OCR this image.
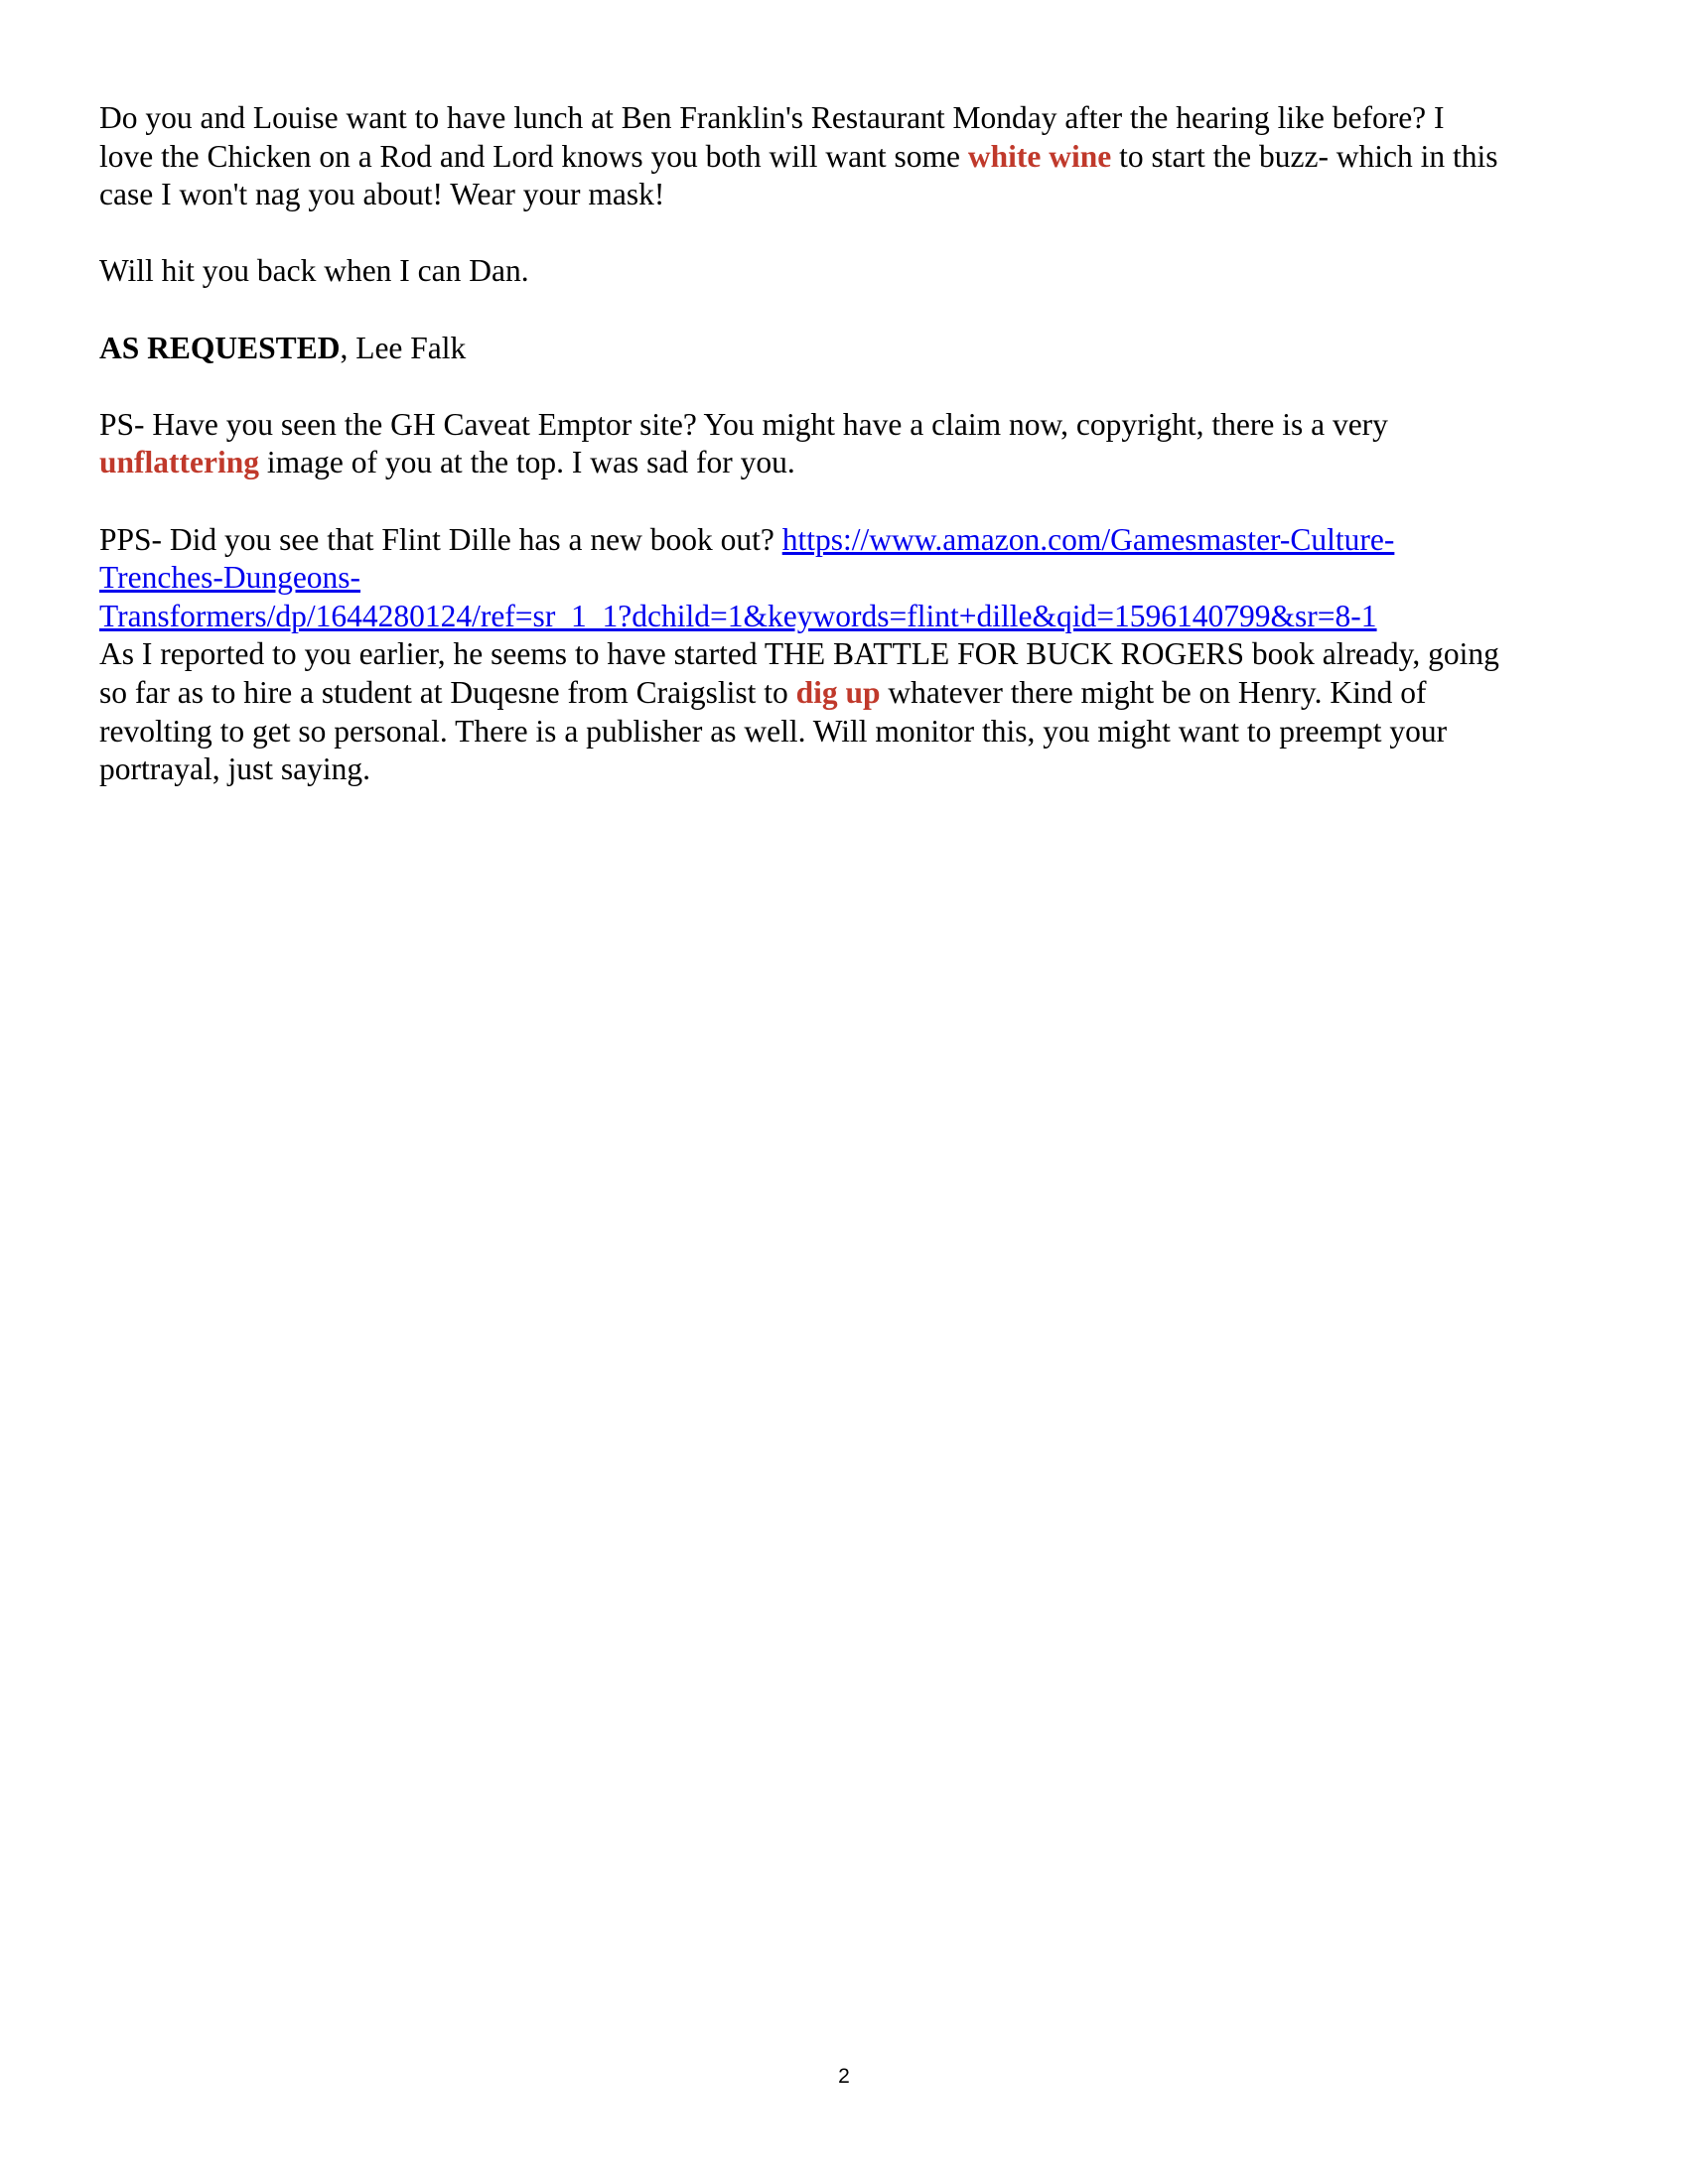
Do you and Louise want to have lunch at Ben Franklin's Restaurant Monday after the hearing like before? I
love the Chicken on a Rod and Lord knows you both will want some white wine to start the buzz- which in this
case I won't nag you about! Wear your mask!

Will hit you back when I can Dan.

AS REQUESTED, Lee Falk

PS- Have you seen the GH Caveat Emptor site? You might have a claim now, copyright, there is a very
unflattering image of you at the top. I was sad for you.

PPS- Did you see that Flint Dille has a new book out? https://www.amazon.com/Gamesmaster-Culture-
Trenches-Dungeons-
Transformers/dp/1644280124/ref=sr_1_1?dchild=1&keywords=flint+dille&qid=1596140799&sr=8-1
As I reported to you earlier, he seems to have started THE BATTLE FOR BUCK ROGERS book already, going
so far as to hire a student at Duqesne from Craigslist to dig up whatever there might be on Henry. Kind of
revolting to get so personal. There is a publisher as well. Will monitor this, you might want to preempt your
portrayal, just saying.

2
